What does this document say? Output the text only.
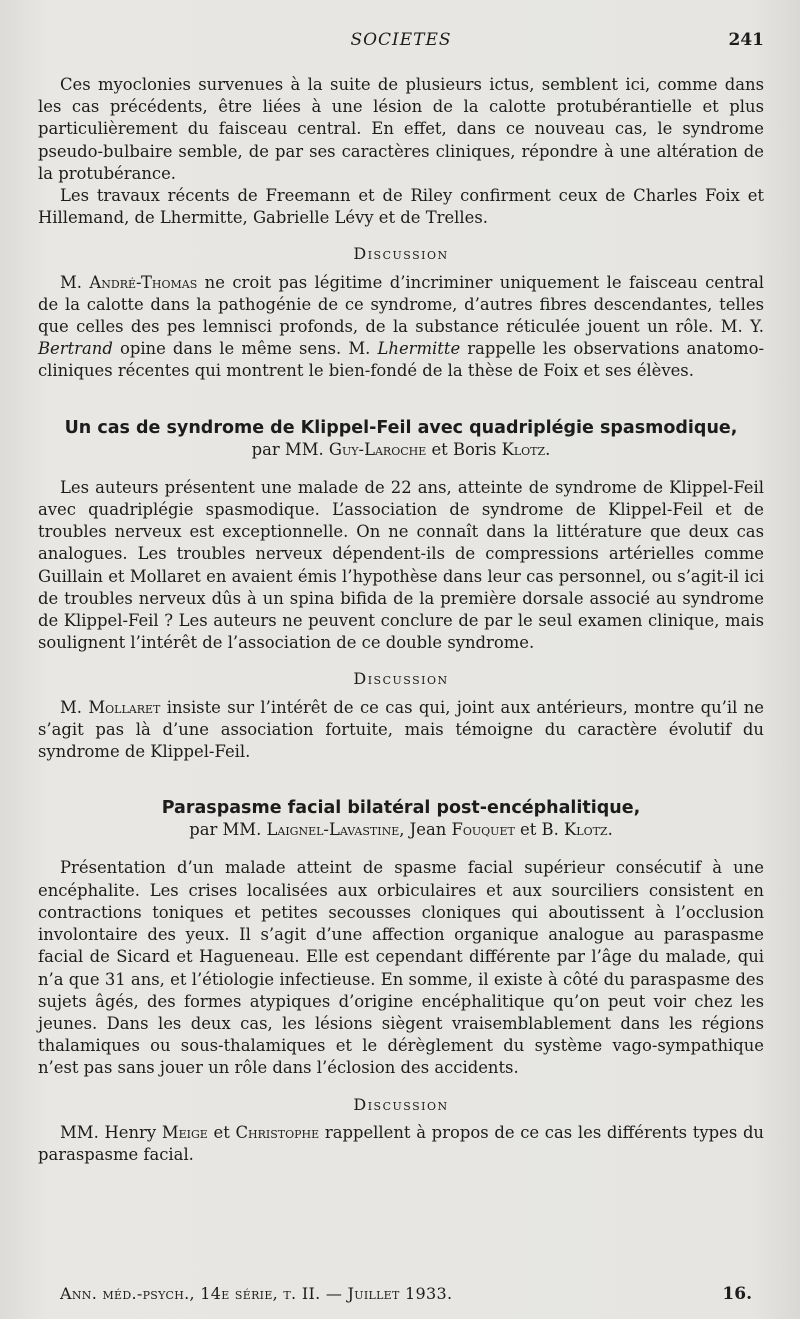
SOCIETES	241

Ces myoclonies survenues à la suite de plusieurs ictus, semblent ici, comme dans les cas précédents, être liées à une lésion de la calotte protubérantielle et plus particulièrement du faisceau central. En effet, dans ce nouveau cas, le syndrome pseudo-bulbaire semble, de par ses caractères cliniques, répondre à une altération de la protubérance.

Les travaux récents de Freemann et de Riley confirment ceux de Charles Foix et Hillemand, de Lhermitte, Gabrielle Lévy et de Trelles.

Discussion

M. André-Thomas ne croit pas légitime d’incriminer uniquement le faisceau central de la calotte dans la pathogénie de ce syndrome, d’autres fibres descendantes, telles que celles des pes lemnisci profonds, de la substance réticulée jouent un rôle. M. Y. Bertrand opine dans le même sens. M. Lhermitte rappelle les observations anatomo-cliniques récentes qui montrent le bien-fondé de la thèse de Foix et ses élèves.

Un cas de syndrome de Klippel-Feil avec quadriplégie spasmodique,
par MM. Guy-Laroche et Boris Klotz.

Les auteurs présentent une malade de 22 ans, atteinte de syndrome de Klippel-Feil avec quadriplégie spasmodique. L’association de syndrome de Klippel-Feil et de troubles nerveux est exceptionnelle. On ne connaît dans la littérature que deux cas analogues. Les troubles nerveux dépendent-ils de compressions artérielles comme Guillain et Mollaret en avaient émis l’hypothèse dans leur cas personnel, ou s’agit-il ici de troubles nerveux dûs à un spina bifida de la première dorsale associé au syndrome de Klippel-Feil ? Les auteurs ne peuvent conclure de par le seul examen clinique, mais soulignent l’intérêt de l’association de ce double syndrome.

Discussion

M. Mollaret insiste sur l’intérêt de ce cas qui, joint aux antérieurs, montre qu’il ne s’agit pas là d’une association fortuite, mais témoigne du caractère évolutif du syndrome de Klippel-Feil.

Paraspasme facial bilatéral post-encéphalitique,
par MM. Laignel-Lavastine, Jean Fouquet et B. Klotz.

Présentation d’un malade atteint de spasme facial supérieur consécutif à une encéphalite. Les crises localisées aux orbiculaires et aux sourciliers consistent en contractions toniques et petites secousses cloniques qui aboutissent à l’occlusion involontaire des yeux. Il s’agit d’une affection organique analogue au paraspasme facial de Sicard et Hagueneau. Elle est cependant différente par l’âge du malade, qui n’a que 31 ans, et l’étiologie infectieuse. En somme, il existe à côté du paraspasme des sujets âgés, des formes atypiques d’origine encéphalitique qu’on peut voir chez les jeunes. Dans les deux cas, les lésions siègent vraisemblablement dans les régions thalamiques ou sous-thalamiques et le dérèglement du système vago-sympathique n’est pas sans jouer un rôle dans l’éclosion des accidents.

Discussion

MM. Henry Meige et Christophe rappellent à propos de ce cas les différents types du paraspasme facial.

Ann. méd.-psych., 14e série, t. II. — Juillet 1933.	16.
